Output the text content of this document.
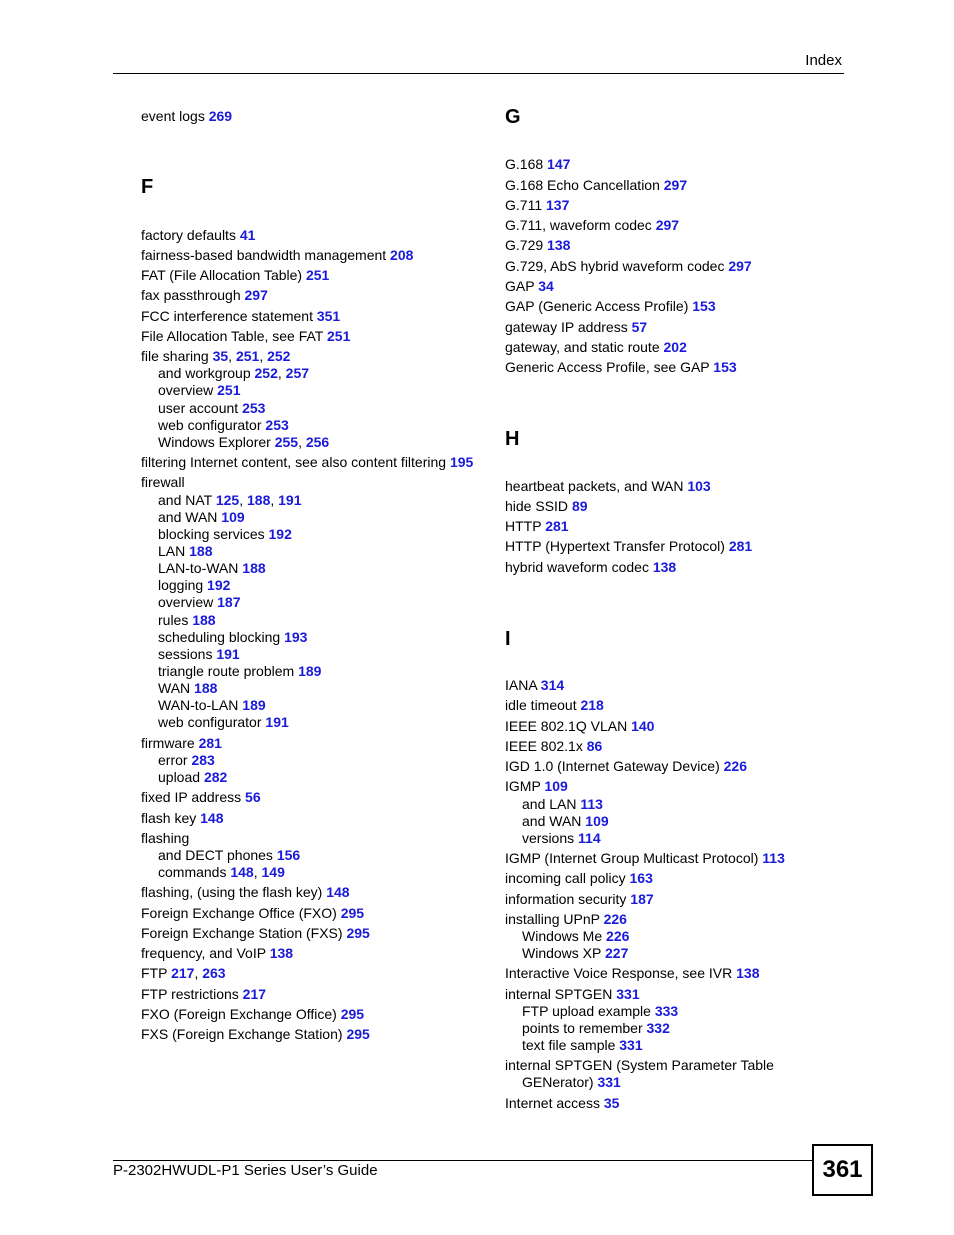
Index
event logs 269
F
factory defaults 41
fairness-based bandwidth management 208
FAT (File Allocation Table) 251
fax passthrough 297
FCC interference statement 351
File Allocation Table, see FAT 251
file sharing 35, 251, 252
and workgroup 252, 257
overview 251
user account 253
web configurator 253
Windows Explorer 255, 256
filtering Internet content, see also content filtering 195
firewall
and NAT 125, 188, 191
and WAN 109
blocking services 192
LAN 188
LAN-to-WAN 188
logging 192
overview 187
rules 188
scheduling blocking 193
sessions 191
triangle route problem 189
WAN 188
WAN-to-LAN 189
web configurator 191
firmware 281
error 283
upload 282
fixed IP address 56
flash key 148
flashing
and DECT phones 156
commands 148, 149
flashing, (using the flash key) 148
Foreign Exchange Office (FXO) 295
Foreign Exchange Station (FXS) 295
frequency, and VoIP 138
FTP 217, 263
FTP restrictions 217
FXO (Foreign Exchange Office) 295
FXS (Foreign Exchange Station) 295
G
G.168 147
G.168 Echo Cancellation 297
G.711 137
G.711, waveform codec 297
G.729 138
G.729, AbS hybrid waveform codec 297
GAP 34
GAP (Generic Access Profile) 153
gateway IP address 57
gateway, and static route 202
Generic Access Profile, see GAP 153
H
heartbeat packets, and WAN 103
hide SSID 89
HTTP 281
HTTP (Hypertext Transfer Protocol) 281
hybrid waveform codec 138
I
IANA 314
idle timeout 218
IEEE 802.1Q VLAN 140
IEEE 802.1x 86
IGD 1.0 (Internet Gateway Device) 226
IGMP 109
and LAN 113
and WAN 109
versions 114
IGMP (Internet Group Multicast Protocol) 113
incoming call policy 163
information security 187
installing UPnP 226
Windows Me 226
Windows XP 227
Interactive Voice Response, see IVR 138
internal SPTGEN 331
FTP upload example 333
points to remember 332
text file sample 331
internal SPTGEN (System Parameter Table GENerator) 331
Internet access 35
P-2302HWUDL-P1 Series User’s Guide	361
